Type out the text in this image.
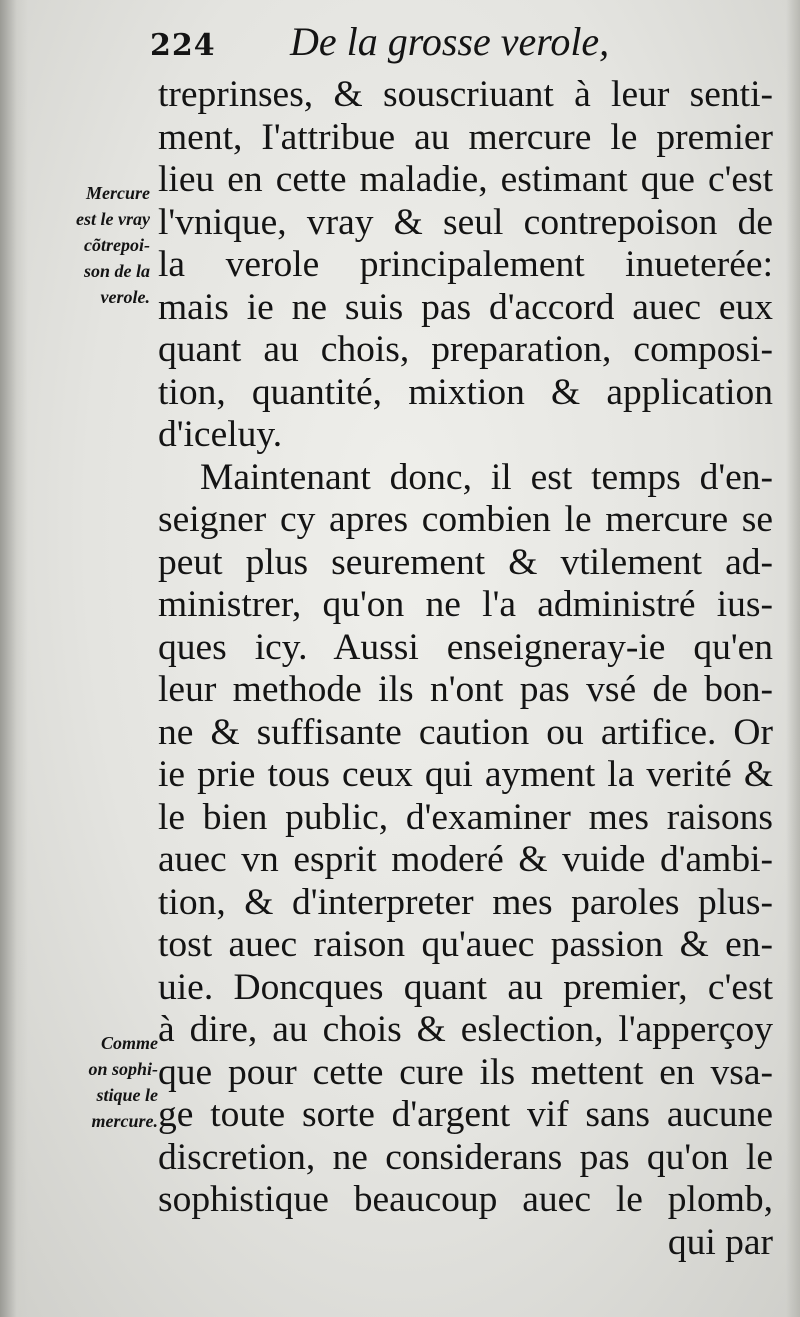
224	De la grosse verole,
Mercure
est le vray
cõtrepoi-
son de la
verole.
Comme
on sophi-
stique le
mercure.
treprinses, & souscriuant à leur senti-
ment, I'attribue au mercure le premier
lieu en cette maladie, estimant que c'est
l'vnique, vray & seul contrepoison de
la verole principalement inueterée:
mais ie ne suis pas d'accord auec eux
quant au chois, preparation, composi-
tion, quantité, mixtion & application
d'iceluy.
Maintenant donc, il est temps d'en-
seigner cy apres combien le mercure se
peut plus seurement & vtilement ad-
ministrer, qu'on ne l'a administré ius-
ques icy. Aussi enseigneray-ie qu'en
leur methode ils n'ont pas vsé de bon-
ne & suffisante caution ou artifice. Or
ie prie tous ceux qui ayment la verité &
le bien public, d'examiner mes raisons
auec vn esprit moderé & vuide d'ambi-
tion, & d'interpreter mes paroles plus-
tost auec raison qu'auec passion & en-
uie. Doncques quant au premier, c'est
à dire, au chois & eslection, l'apperçoy
que pour cette cure ils mettent en vsa-
ge toute sorte d'argent vif sans aucune
discretion, ne considerans pas qu'on le
sophistique beaucoup auec le plomb,
qui par
